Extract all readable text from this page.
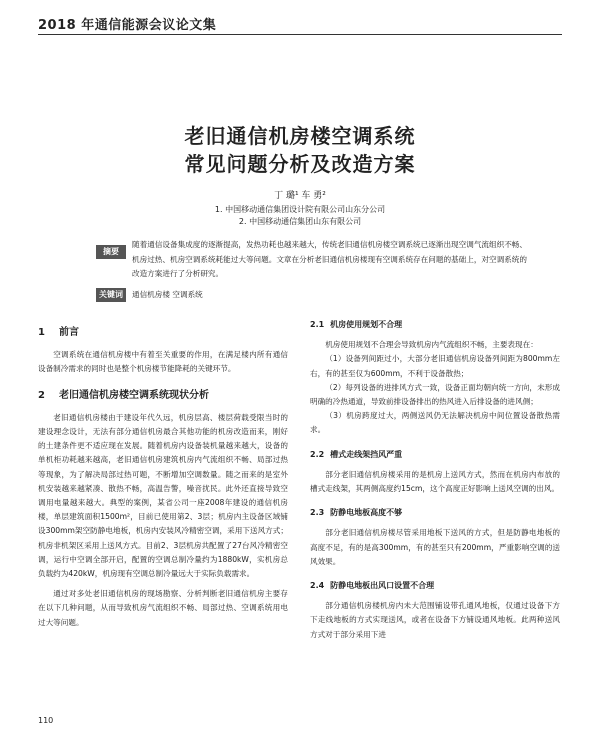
2018 年通信能源会议论文集
老旧通信机房楼空调系统
常见问题分析及改造方案
丁 璐¹ 车 勇²
1. 中国移动通信集团设计院有限公司山东分公司
2. 中国移动通信集团山东有限公司
摘要
随着通信设备集成度的逐渐提高，发热功耗也越来越大，传统老旧通信机房楼空调系统已逐渐出现空调气流组织不畅、机房过热、机房空调系统耗能过大等问题。文章在分析老旧通信机房楼现有空调系统存在问题的基础上，对空调系统的改造方案进行了分析研究。
关键词	通信机房楼 空调系统
1 前言

空调系统在通信机房楼中有着至关重要的作用，在满足楼内所有通信设备制冷需求的同时也是整个机房楼节能降耗的关键环节。

2 老旧通信机房楼空调系统现状分析

老旧通信机房楼由于建设年代久远，机房层高、楼层荷载受限当时的建设理念设计，无法有部分通信机房最合其他功能的机房改造而来，刚好的土建条件更不适应现在发展。随着机房内设备装机量越来越大，设备的单机柜功耗越来越高，老旧通信机房建筑机房内气流组织不畅、局部过热等现象，为了解决局部过热可题，不断增加空调数量。随之而来的是室外机安装越来越紧凑、散热不畅，高温告警，噪音扰民。此外还直接导致空调用电量越来越大。典型的案例，某省公司一座2008年建设的通信机房楼，单层建筑面积1500m²，目前已使用第2、3层；机房内主设备区域铺设300mm架空防静电地板，机房内安装风冷精密空调，采用下送风方式；机房非机架区采用上送风方式。目前2、3层机房共配置了27台风冷精密空调，运行中空调全部开启，配置的空调总制冷量约为1880kW，实机房总负载约为420kW，机房现有空调总制冷量远大于实际负载需求。

通过对多处老旧通信机房的现场勘察、分析判断老旧通信机房主要存在以下几种问题，从而导致机房气流组织不畅、局部过热、空调系统用电过大等问题。

2.1 机房使用规划不合理

机房使用规划不合理会导致机房内气流组织不畅，主要表现在：

（1）设备列间距过小，大部分老旧通信机房设备列间距为800mm左右，有的甚至仅为600mm，不利于设备散热；

（2）每列设备的进排风方式一致，设备正面均朝向统一方向，未形成明确的冷热通道，导致前排设备排出的热风进入后排设备的进风侧；

（3）机房跨度过大，两侧送风仍无法解决机房中间位置设备散热需求。

2.2 槽式走线架挡风严重

部分老旧通信机房楼采用的是机房上送风方式，然而在机房内布放的槽式走线架，其两侧高度约15cm，这个高度正好影响上送风空调的出风。

2.3 防静电地板高度不够

部分老旧通信机房楼尽管采用地板下送风的方式，但是防静电地板的高度不足，有的是高300mm，有的甚至只有200mm，严重影响空调的送风效果。

2.4 防静电地板出风口设置不合理

部分通信机房楼机房内未大范围铺设带孔通风地板，仅通过设备下方下走线地板的方式实现送风，或者在设备下方铺设通风地板。此两种送风方式对于部分采用下进

110
